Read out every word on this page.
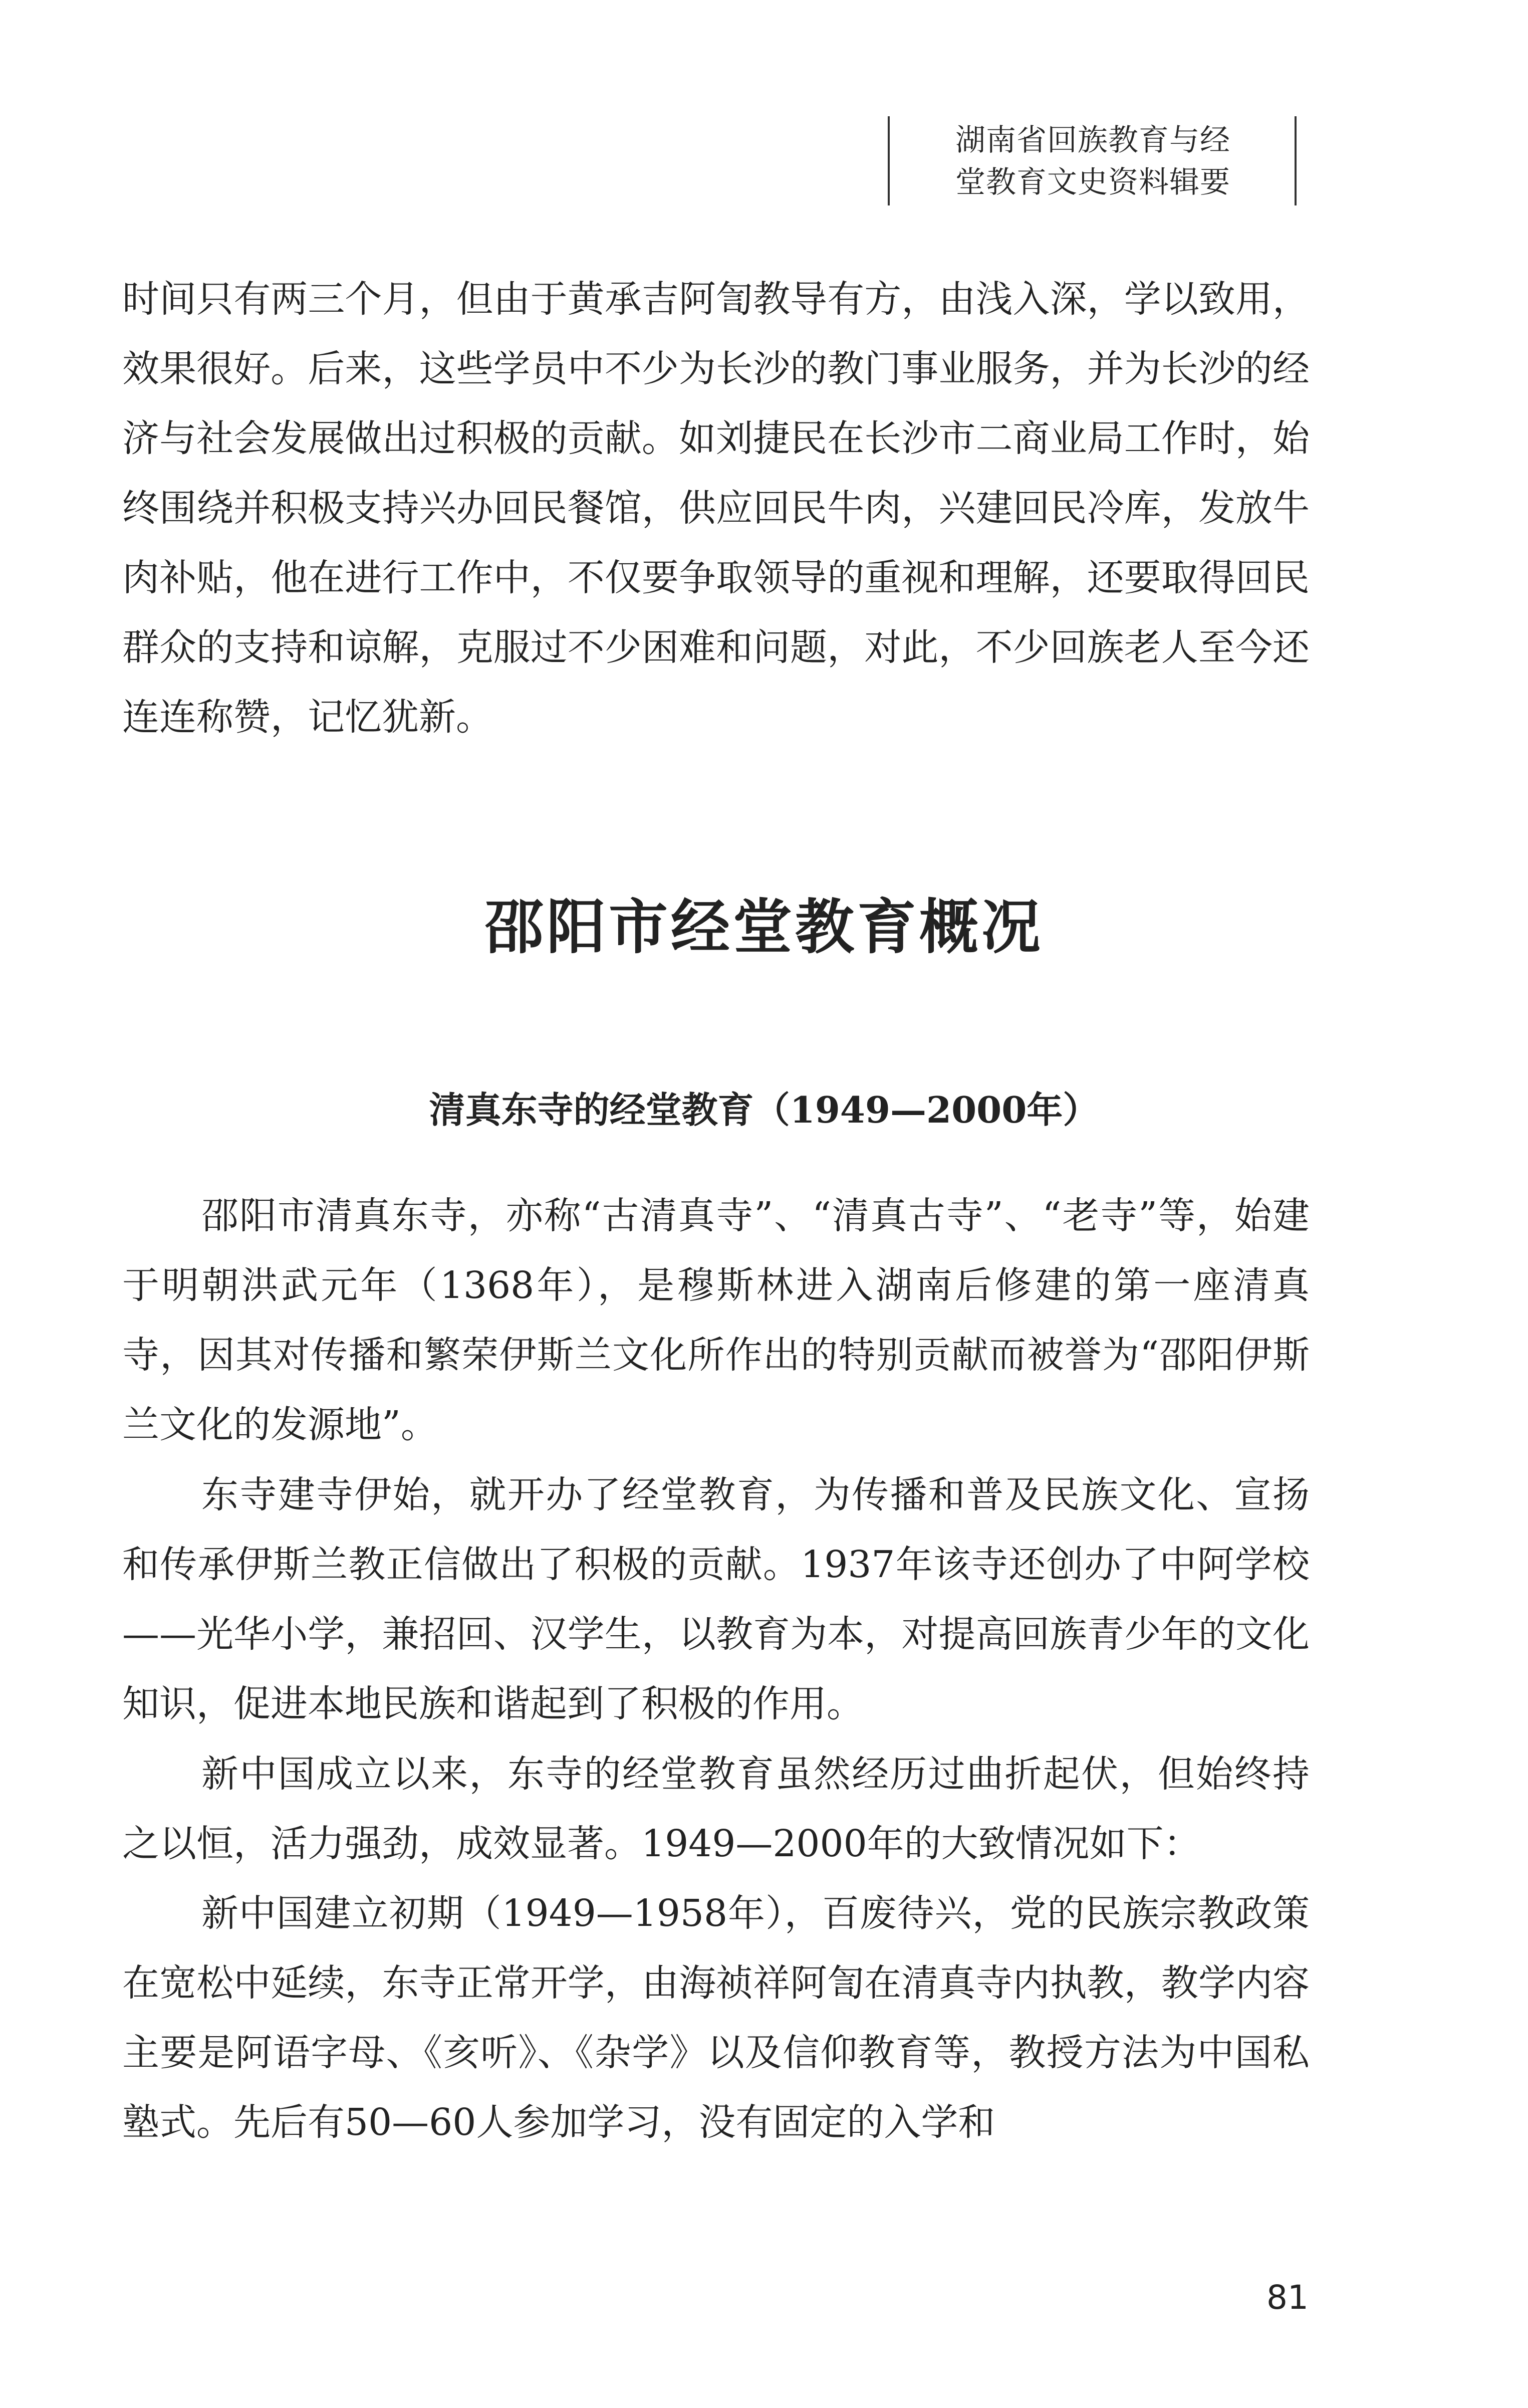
湖南省回族教育与经
堂教育文史资料辑要

时间只有两三个月，但由于黄承吉阿訇教导有方，由浅入深，学以致用，效果很好。后来，这些学员中不少为长沙的教门事业服务，并为长沙的经济与社会发展做出过积极的贡献。如刘捷民在长沙市二商业局工作时，始终围绕并积极支持兴办回民餐馆，供应回民牛肉，兴建回民冷库，发放牛肉补贴，他在进行工作中，不仅要争取领导的重视和理解，还要取得回民群众的支持和谅解，克服过不少困难和问题，对此，不少回族老人至今还连连称赞，记忆犹新。

邵阳市经堂教育概况
清真东寺的经堂教育（1949—2000年）

邵阳市清真东寺，亦称“古清真寺”、“清真古寺”、“老寺”等，始建于明朝洪武元年（1368年），是穆斯林进入湖南后修建的第一座清真寺，因其对传播和繁荣伊斯兰文化所作出的特别贡献而被誉为“邵阳伊斯兰文化的发源地”。

东寺建寺伊始，就开办了经堂教育，为传播和普及民族文化、宣扬和传承伊斯兰教正信做出了积极的贡献。1937年该寺还创办了中阿学校——光华小学，兼招回、汉学生，以教育为本，对提高回族青少年的文化知识，促进本地民族和谐起到了积极的作用。

新中国成立以来，东寺的经堂教育虽然经历过曲折起伏，但始终持之以恒，活力强劲，成效显著。1949—2000年的大致情况如下：

新中国建立初期（1949—1958年），百废待兴，党的民族宗教政策在宽松中延续，东寺正常开学，由海祯祥阿訇在清真寺内执教，教学内容主要是阿语字母、《亥听》、《杂学》以及信仰教育等，教授方法为中国私塾式。先后有50—60人参加学习，没有固定的入学和

81
